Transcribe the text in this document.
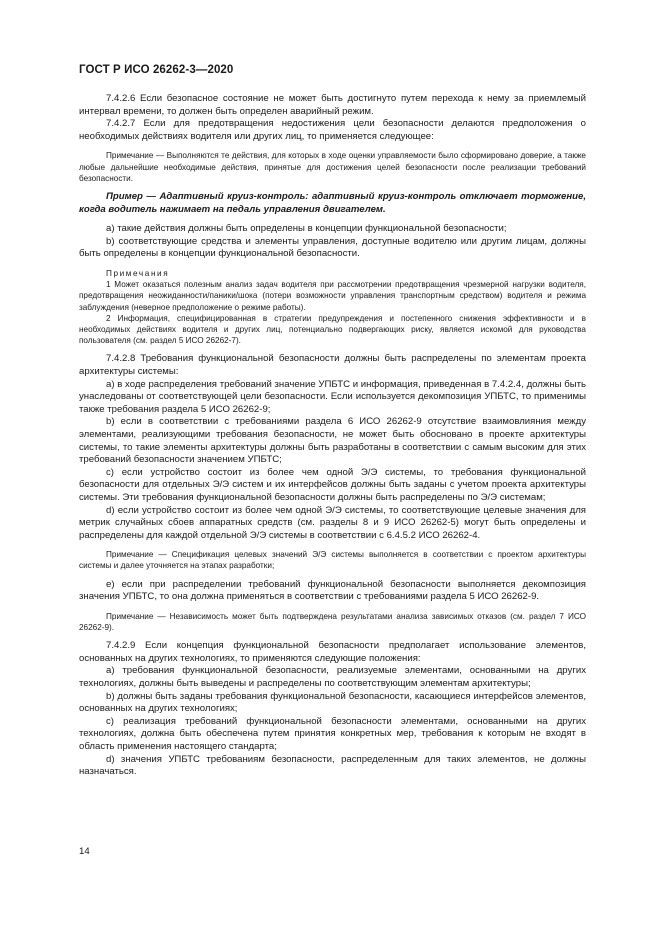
ГОСТ Р ИСО 26262-3—2020

7.4.2.6 Если безопасное состояние не может быть достигнуто путем перехода к нему за приемлемый интервал времени, то должен быть определен аварийный режим.

7.4.2.7 Если для предотвращения недостижения цели безопасности делаются предположения о необходимых действиях водителя или других лиц, то применяется следующее:

Примечание — Выполняются те действия, для которых в ходе оценки управляемости было сформировано доверие, а также любые дальнейшие необходимые действия, принятые для достижения целей безопасности после реализации требований безопасности.

Пример — Адаптивный круиз-контроль: адаптивный круиз-контроль отключает торможение, когда водитель нажимает на педаль управления двигателем.

a) такие действия должны быть определены в концепции функциональной безопасности;

b) соответствующие средства и элементы управления, доступные водителю или другим лицам, должны быть определены в концепции функциональной безопасности.

Примечания

1 Может оказаться полезным анализ задач водителя при рассмотрении предотвращения чрезмерной нагрузки водителя, предотвращения неожиданности/паники/шока (потери возможности управления транспортным средством) водителя и режима заблуждения (неверное предположение о режиме работы).

2 Информация, специфицированная в стратегии предупреждения и постепенного снижения эффективности и в необходимых действиях водителя и других лиц, потенциально подвергающих риску, является искомой для руководства пользователя (см. раздел 5 ИСО 26262-7).

7.4.2.8 Требования функциональной безопасности должны быть распределены по элементам проекта архитектуры системы:

a) в ходе распределения требований значение УПБТС и информация, приведенная в 7.4.2.4, должны быть унаследованы от соответствующей цели безопасности. Если используется декомпозиция УПБТС, то применимы также требования раздела 5 ИСО 26262-9;

b) если в соответствии с требованиями раздела 6 ИСО 26262-9 отсутствие взаимовлияния между элементами, реализующими требования безопасности, не может быть обосновано в проекте архитектуры системы, то такие элементы архитектуры должны быть разработаны в соответствии с самым высоким для этих требований безопасности значением УПБТС;

c) если устройство состоит из более чем одной Э/Э системы, то требования функциональной безопасности для отдельных Э/Э систем и их интерфейсов должны быть заданы с учетом проекта архитектуры системы. Эти требования функциональной безопасности должны быть распределены по Э/Э системам;

d) если устройство состоит из более чем одной Э/Э системы, то соответствующие целевые значения для метрик случайных сбоев аппаратных средств (см. разделы 8 и 9 ИСО 26262-5) могут быть определены и распределены для каждой отдельной Э/Э системы в соответствии с 6.4.5.2 ИСО 26262-4.

Примечание — Спецификация целевых значений Э/Э системы выполняется в соответствии с проектом архитектуры системы и далее уточняется на этапах разработки;

e) если при распределении требований функциональной безопасности выполняется декомпозиция значения УПБТС, то она должна применяться в соответствии с требованиями раздела 5 ИСО 26262-9.

Примечание — Независимость может быть подтверждена результатами анализа зависимых отказов (см. раздел 7 ИСО 26262-9).

7.4.2.9 Если концепция функциональной безопасности предполагает использование элементов, основанных на других технологиях, то применяются следующие положения:

a) требования функциональной безопасности, реализуемые элементами, основанными на других технологиях, должны быть выведены и распределены по соответствующим элементам архитектуры;

b) должны быть заданы требования функциональной безопасности, касающиеся интерфейсов элементов, основанных на других технологиях;

c) реализация требований функциональной безопасности элементами, основанными на других технологиях, должна быть обеспечена путем принятия конкретных мер, требования к которым не входят в область применения настоящего стандарта;

d) значения УПБТС требованиям безопасности, распределенным для таких элементов, не должны назначаться.

14
